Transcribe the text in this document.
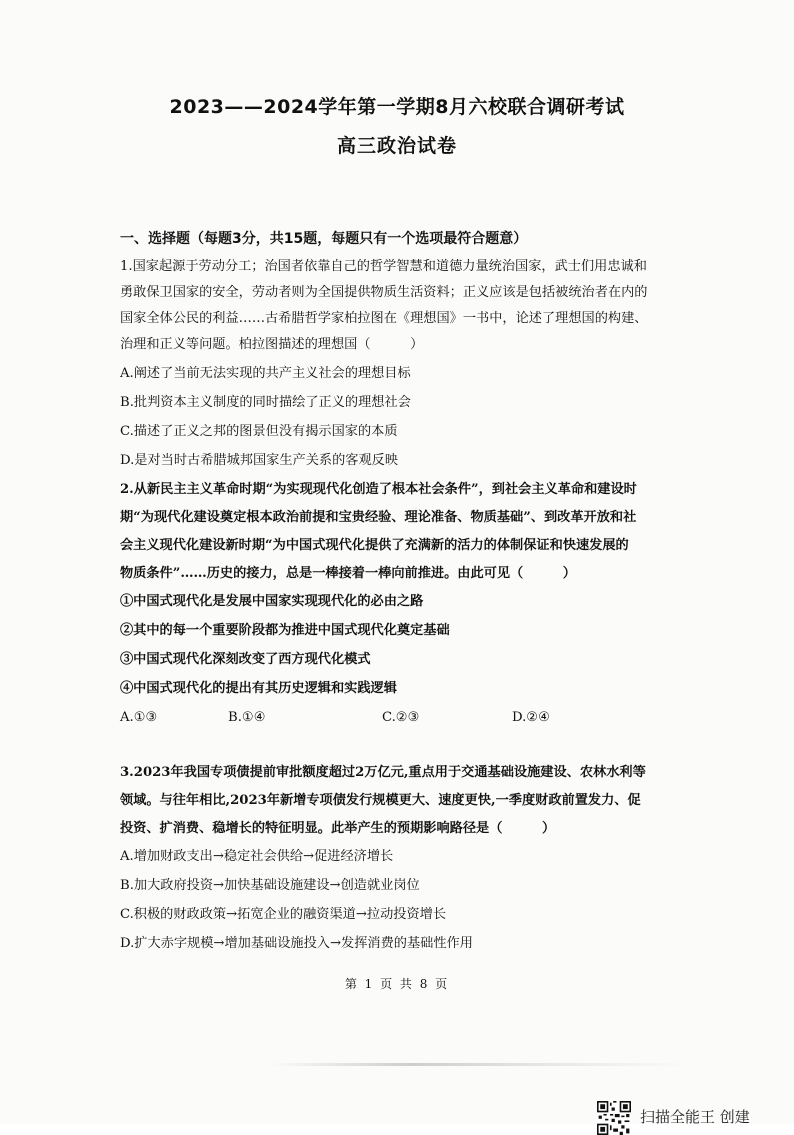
2023——2024学年第一学期8月六校联合调研考试
高三政治试卷
一、选择题（每题3分，共15题，每题只有一个选项最符合题意）
1.国家起源于劳动分工；治国者依靠自己的哲学智慧和道德力量统治国家，武士们用忠诚和
勇敢保卫国家的安全，劳动者则为全国提供物质生活资料；正义应该是包括被统治者在内的
国家全体公民的利益……古希腊哲学家柏拉图在《理想国》一书中，论述了理想国的构建、
治理和正义等问题。柏拉图描述的理想国（　　　）
A.阐述了当前无法实现的共产主义社会的理想目标
B.批判资本主义制度的同时描绘了正义的理想社会
C.描述了正义之邦的图景但没有揭示国家的本质
D.是对当时古希腊城邦国家生产关系的客观反映
2.从新民主主义革命时期“为实现现代化创造了根本社会条件”，到社会主义革命和建设时
期“为现代化建设奠定根本政治前提和宝贵经验、理论准备、物质基础”、到改革开放和社
会主义现代化建设新时期“为中国式现代化提供了充满新的活力的体制保证和快速发展的
物质条件”……历史的接力，总是一棒接着一棒向前推进。由此可见（　　　）
①中国式现代化是发展中国家实现现代化的必由之路
②其中的每一个重要阶段都为推进中国式现代化奠定基础
③中国式现代化深刻改变了西方现代化模式
④中国式现代化的提出有其历史逻辑和实践逻辑
A.①③	B.①④	C.②③	D.②④
3.2023年我国专项债提前审批额度超过2万亿元,重点用于交通基础设施建设、农林水利等
领域。与往年相比,2023年新增专项债发行规模更大、速度更快,一季度财政前置发力、促
投资、扩消费、稳增长的特征明显。此举产生的预期影响路径是（　　　）
A.增加财政支出→稳定社会供给→促进经济增长
B.加大政府投资→加快基础设施建设→创造就业岗位
C.积极的财政政策→拓宽企业的融资渠道→拉动投资增长
D.扩大赤字规模→增加基础设施投入→发挥消费的基础性作用
第 1 页 共 8 页
扫描全能王 创建
